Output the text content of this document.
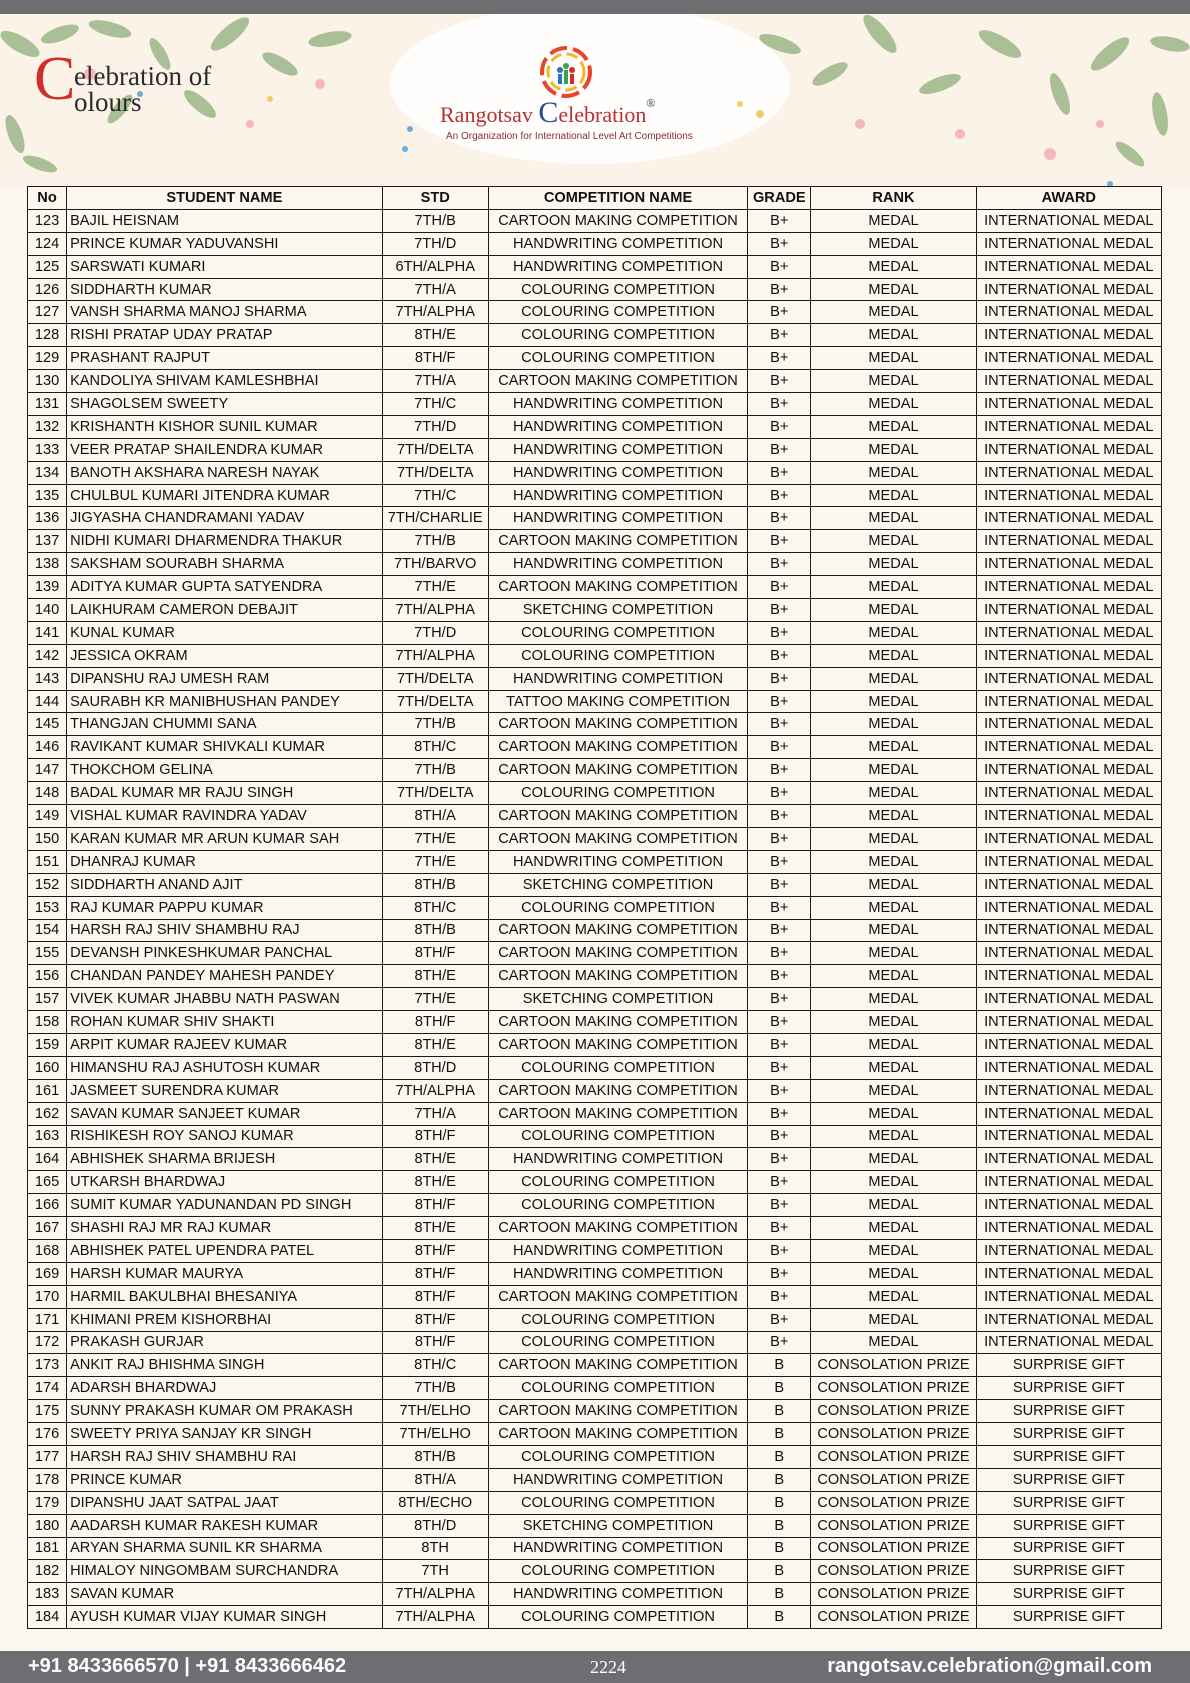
C
elebration of
olours	Rangotsav Celebration®
An Organization for International Level Art Competitions
No	STUDENT NAME	STD	COMPETITION NAME	GRADE	RANK	AWARD
123	BAJIL HEISNAM	7TH/B	CARTOON MAKING COMPETITION	B+	MEDAL	INTERNATIONAL MEDAL
124	PRINCE KUMAR YADUVANSHI	7TH/D	HANDWRITING COMPETITION	B+	MEDAL	INTERNATIONAL MEDAL
125	SARSWATI KUMARI	6TH/ALPHA	HANDWRITING COMPETITION	B+	MEDAL	INTERNATIONAL MEDAL
126	SIDDHARTH KUMAR	7TH/A	COLOURING COMPETITION	B+	MEDAL	INTERNATIONAL MEDAL
127	VANSH SHARMA MANOJ SHARMA	7TH/ALPHA	COLOURING COMPETITION	B+	MEDAL	INTERNATIONAL MEDAL
128	RISHI PRATAP UDAY PRATAP	8TH/E	COLOURING COMPETITION	B+	MEDAL	INTERNATIONAL MEDAL
129	PRASHANT RAJPUT	8TH/F	COLOURING COMPETITION	B+	MEDAL	INTERNATIONAL MEDAL
130	KANDOLIYA SHIVAM KAMLESHBHAI	7TH/A	CARTOON MAKING COMPETITION	B+	MEDAL	INTERNATIONAL MEDAL
131	SHAGOLSEM SWEETY	7TH/C	HANDWRITING COMPETITION	B+	MEDAL	INTERNATIONAL MEDAL
132	KRISHANTH KISHOR SUNIL KUMAR	7TH/D	HANDWRITING COMPETITION	B+	MEDAL	INTERNATIONAL MEDAL
133	VEER PRATAP SHAILENDRA KUMAR	7TH/DELTA	HANDWRITING COMPETITION	B+	MEDAL	INTERNATIONAL MEDAL
134	BANOTH AKSHARA NARESH NAYAK	7TH/DELTA	HANDWRITING COMPETITION	B+	MEDAL	INTERNATIONAL MEDAL
135	CHULBUL KUMARI JITENDRA KUMAR	7TH/C	HANDWRITING COMPETITION	B+	MEDAL	INTERNATIONAL MEDAL
136	JIGYASHA CHANDRAMANI YADAV	7TH/CHARLIE	HANDWRITING COMPETITION	B+	MEDAL	INTERNATIONAL MEDAL
137	NIDHI KUMARI DHARMENDRA THAKUR	7TH/B	CARTOON MAKING COMPETITION	B+	MEDAL	INTERNATIONAL MEDAL
138	SAKSHAM SOURABH SHARMA	7TH/BARVO	HANDWRITING COMPETITION	B+	MEDAL	INTERNATIONAL MEDAL
139	ADITYA KUMAR GUPTA SATYENDRA	7TH/E	CARTOON MAKING COMPETITION	B+	MEDAL	INTERNATIONAL MEDAL
140	LAIKHURAM CAMERON DEBAJIT	7TH/ALPHA	SKETCHING COMPETITION	B+	MEDAL	INTERNATIONAL MEDAL
141	KUNAL KUMAR	7TH/D	COLOURING COMPETITION	B+	MEDAL	INTERNATIONAL MEDAL
142	JESSICA OKRAM	7TH/ALPHA	COLOURING COMPETITION	B+	MEDAL	INTERNATIONAL MEDAL
143	DIPANSHU RAJ UMESH RAM	7TH/DELTA	HANDWRITING COMPETITION	B+	MEDAL	INTERNATIONAL MEDAL
144	SAURABH KR MANIBHUSHAN PANDEY	7TH/DELTA	TATTOO MAKING COMPETITION	B+	MEDAL	INTERNATIONAL MEDAL
145	THANGJAN CHUMMI SANA	7TH/B	CARTOON MAKING COMPETITION	B+	MEDAL	INTERNATIONAL MEDAL
146	RAVIKANT KUMAR SHIVKALI KUMAR	8TH/C	CARTOON MAKING COMPETITION	B+	MEDAL	INTERNATIONAL MEDAL
147	THOKCHOM GELINA	7TH/B	CARTOON MAKING COMPETITION	B+	MEDAL	INTERNATIONAL MEDAL
148	BADAL KUMAR MR RAJU SINGH	7TH/DELTA	COLOURING COMPETITION	B+	MEDAL	INTERNATIONAL MEDAL
149	VISHAL KUMAR RAVINDRA YADAV	8TH/A	CARTOON MAKING COMPETITION	B+	MEDAL	INTERNATIONAL MEDAL
150	KARAN KUMAR MR ARUN KUMAR SAH	7TH/E	CARTOON MAKING COMPETITION	B+	MEDAL	INTERNATIONAL MEDAL
151	DHANRAJ KUMAR	7TH/E	HANDWRITING COMPETITION	B+	MEDAL	INTERNATIONAL MEDAL
152	SIDDHARTH ANAND AJIT	8TH/B	SKETCHING COMPETITION	B+	MEDAL	INTERNATIONAL MEDAL
153	RAJ KUMAR PAPPU KUMAR	8TH/C	COLOURING COMPETITION	B+	MEDAL	INTERNATIONAL MEDAL
154	HARSH RAJ SHIV SHAMBHU RAJ	8TH/B	CARTOON MAKING COMPETITION	B+	MEDAL	INTERNATIONAL MEDAL
155	DEVANSH PINKESHKUMAR PANCHAL	8TH/F	CARTOON MAKING COMPETITION	B+	MEDAL	INTERNATIONAL MEDAL
156	CHANDAN PANDEY MAHESH PANDEY	8TH/E	CARTOON MAKING COMPETITION	B+	MEDAL	INTERNATIONAL MEDAL
157	VIVEK KUMAR JHABBU NATH PASWAN	7TH/E	SKETCHING COMPETITION	B+	MEDAL	INTERNATIONAL MEDAL
158	ROHAN KUMAR SHIV SHAKTI	8TH/F	CARTOON MAKING COMPETITION	B+	MEDAL	INTERNATIONAL MEDAL
159	ARPIT KUMAR RAJEEV KUMAR	8TH/E	CARTOON MAKING COMPETITION	B+	MEDAL	INTERNATIONAL MEDAL
160	HIMANSHU RAJ ASHUTOSH KUMAR	8TH/D	COLOURING COMPETITION	B+	MEDAL	INTERNATIONAL MEDAL
161	JASMEET SURENDRA KUMAR	7TH/ALPHA	CARTOON MAKING COMPETITION	B+	MEDAL	INTERNATIONAL MEDAL
162	SAVAN KUMAR SANJEET KUMAR	7TH/A	CARTOON MAKING COMPETITION	B+	MEDAL	INTERNATIONAL MEDAL
163	RISHIKESH ROY SANOJ KUMAR	8TH/F	COLOURING COMPETITION	B+	MEDAL	INTERNATIONAL MEDAL
164	ABHISHEK SHARMA BRIJESH	8TH/E	HANDWRITING COMPETITION	B+	MEDAL	INTERNATIONAL MEDAL
165	UTKARSH BHARDWAJ	8TH/E	COLOURING COMPETITION	B+	MEDAL	INTERNATIONAL MEDAL
166	SUMIT KUMAR YADUNANDAN PD SINGH	8TH/F	COLOURING COMPETITION	B+	MEDAL	INTERNATIONAL MEDAL
167	SHASHI RAJ MR RAJ KUMAR	8TH/E	CARTOON MAKING COMPETITION	B+	MEDAL	INTERNATIONAL MEDAL
168	ABHISHEK PATEL UPENDRA PATEL	8TH/F	HANDWRITING COMPETITION	B+	MEDAL	INTERNATIONAL MEDAL
169	HARSH KUMAR MAURYA	8TH/F	HANDWRITING COMPETITION	B+	MEDAL	INTERNATIONAL MEDAL
170	HARMIL BAKULBHAI BHESANIYA	8TH/F	CARTOON MAKING COMPETITION	B+	MEDAL	INTERNATIONAL MEDAL
171	KHIMANI PREM KISHORBHAI	8TH/F	COLOURING COMPETITION	B+	MEDAL	INTERNATIONAL MEDAL
172	PRAKASH GURJAR	8TH/F	COLOURING COMPETITION	B+	MEDAL	INTERNATIONAL MEDAL
173	ANKIT RAJ BHISHMA SINGH	8TH/C	CARTOON MAKING COMPETITION	B	CONSOLATION PRIZE	SURPRISE GIFT
174	ADARSH BHARDWAJ	7TH/B	COLOURING COMPETITION	B	CONSOLATION PRIZE	SURPRISE GIFT
175	SUNNY PRAKASH KUMAR OM PRAKASH	7TH/ELHO	CARTOON MAKING COMPETITION	B	CONSOLATION PRIZE	SURPRISE GIFT
176	SWEETY PRIYA SANJAY KR SINGH	7TH/ELHO	CARTOON MAKING COMPETITION	B	CONSOLATION PRIZE	SURPRISE GIFT
177	HARSH RAJ SHIV SHAMBHU RAI	8TH/B	COLOURING COMPETITION	B	CONSOLATION PRIZE	SURPRISE GIFT
178	PRINCE KUMAR	8TH/A	HANDWRITING COMPETITION	B	CONSOLATION PRIZE	SURPRISE GIFT
179	DIPANSHU JAAT SATPAL JAAT	8TH/ECHO	COLOURING COMPETITION	B	CONSOLATION PRIZE	SURPRISE GIFT
180	AADARSH KUMAR RAKESH KUMAR	8TH/D	SKETCHING COMPETITION	B	CONSOLATION PRIZE	SURPRISE GIFT
181	ARYAN SHARMA SUNIL KR SHARMA	8TH	HANDWRITING COMPETITION	B	CONSOLATION PRIZE	SURPRISE GIFT
182	HIMALOY NINGOMBAM SURCHANDRA	7TH	COLOURING COMPETITION	B	CONSOLATION PRIZE	SURPRISE GIFT
183	SAVAN KUMAR	7TH/ALPHA	HANDWRITING COMPETITION	B	CONSOLATION PRIZE	SURPRISE GIFT
184	AYUSH KUMAR VIJAY KUMAR SINGH	7TH/ALPHA	COLOURING COMPETITION	B	CONSOLATION PRIZE	SURPRISE GIFT
+91 8433666570 | +91 8433666462	2224	rangotsav.celebration@gmail.com
